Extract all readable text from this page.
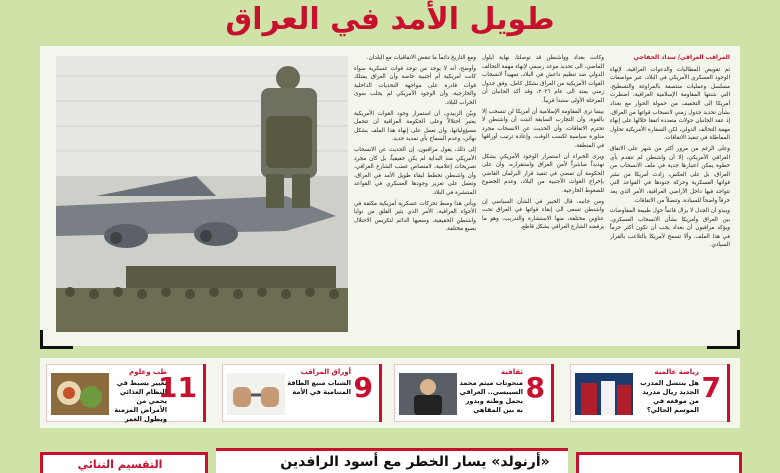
طويل الأمد في العراق
المراقب العراقي/ سداد الخفاجي

تم تقويض المطالبات والدعوات العراقية، لإنهاء الوجود العسكري الأمريكي في البلاد، عبر مواصفات مسلسل وعمليات منتصفة بالمراوغة والتسطيح، التي شنتها المقاومة الإسلامية العراقية، اضطرت أمريكا الى التخفيف من حمولة الحوار مع بغداد بشأن تحديد جدول زمني لانسحاب قواتها من العراق، إذ عقد الجانبان جولات متعددة اتفقا خلالها على إنهاء مهمة التحالف الدولي، لكن السفارة الأمريكية تحاول المماطلة في تنفيذ الاتفاقات.

وعلى الرغم من مرور أكثر من شهر على الاتفاق العراقي الأمريكي، إلا أن واشنطن لم تتقدم بأي خطوة يمكن اعتبارها جدية في ملف الانسحاب من العراق، بل على العكس، زادت أمريكا من نشر قواتها العسكرية وحركة جنودها في القواعد التي تتواجد فيها داخل الأراضي العراقية، الأمر الذي يعد خرقاً واضحاً للسيادة، وتنصلاً من الاتفاقات.

ويبدو أن الجدل لا يزال قائماً حول طبيعة المفاوضات بين العراق وأمريكا بشأن الانسحاب العسكري، ويؤكد مراقبون أن بغداد يجب أن تكون أكثر حزماً في هذا الملف، وألا تسمح لأمريكا بالتلاعب بالقرار السيادي.

وكانت بغداد وواشنطن قد توصلتا، نهاية أيلول الماضي، الى تحديد موعد رسمي لإنهاء مهمة التحالف الدولي ضد تنظيم داعش في البلاد، تمهيداً لانسحاب القوات الأمريكية من العراق بشكل كامل، وفق جدول زمني يمتد الى عام ٢٠٢٦، وقد أكد الجانبان أن المرحلة الأولى ستبدأ قريباً.

بينما ترى المقاومة الإسلامية أن أمريكا لن تنسحب إلا بالقوة، وأن التجارب السابقة أثبتت أن واشنطن لا تحترم الاتفاقات، وأن الحديث عن الانسحاب مجرد مناورة سياسية لكسب الوقت، وإعادة ترتيب أوراقها في المنطقة.

ويرى الخبراء أن استمرار الوجود الأمريكي يشكل تهديداً مباشراً لأمن العراق واستقراره، وأن على الحكومة أن تمضي في تنفيذ قرار البرلمان القاضي بإخراج القوات الأجنبية من البلاد، وعدم الخضوع للضغوط الخارجية.

ومن جانبه، قال الخبير في الشأن السياسي إن واشنطن تسعى الى إبقاء قواتها في العراق تحت عناوين مختلفة، منها الاستشارة والتدريب، وهو ما يرفضه الشارع العراقي بشكل قاطع.

ومع التأريخ دائماً ما تنقض الاتفاقيات مع البلدان.

وأوضح، أنه لا يوجد من توجد قوات عسكرية سواء كانت أمريكية أم أجنبية خاصة وأن العراق يمتلك قوات قادرة على مواجهة التحديات الداخلية والخارجية، وأن الوجود الأمريكي لم يجلب سوى الخراب للبلاد.

وبيّن الزبيدي، أن استمرار وجود القوات الأمريكية يعتبر احتلالاً وعلى الحكومة العراقية أن تتحمل مسؤولياتها، وأن تعمل على إنهاء هذا الملف بشكل نهائي، وعدم السماح بأي تمديد جديد.

إلى ذلك، يقول مراقبون، إن الحديث عن الانسحاب الأمريكي منذ البداية لم يكن حقيقياً، بل كان مجرد تصريحات إعلامية، لامتصاص غضب الشارع العراقي، وأن واشنطن تخطط لبقاء طويل الأمد في العراق، وتعمل على تعزيز وجودها العسكري في القواعد المنتشرة في البلاد.

ويأتي هذا وسط تحركات عسكرية أمريكية مكثفة في الأجواء العراقية، الأمر الذي يثير القلق من نوايا واشنطن الحقيقية، وسعيها الدائم لتكريس الاحتلال بصيغ مختلفة.

11
طب وعلوم
تغيير بسيط في النظام الغذائي يحمي من الأمراض المزمنة وبطول العمر
9
أوراق المراقب
الشباب منبع الطاقة المتنامية في الأمة	8
ثقافية
منحوتات ميثم محمد السبيسي.. العراقي يحمل وطنه وبدور به بين المقاهي
7
رياضة عالمية
هل ينتشل المدرب الجديد ريال مدريد من موقعه في الموسم الحالي؟
التقسيم التنائي	«أرنولد» يسار الخطر مع أسود الرافدين
